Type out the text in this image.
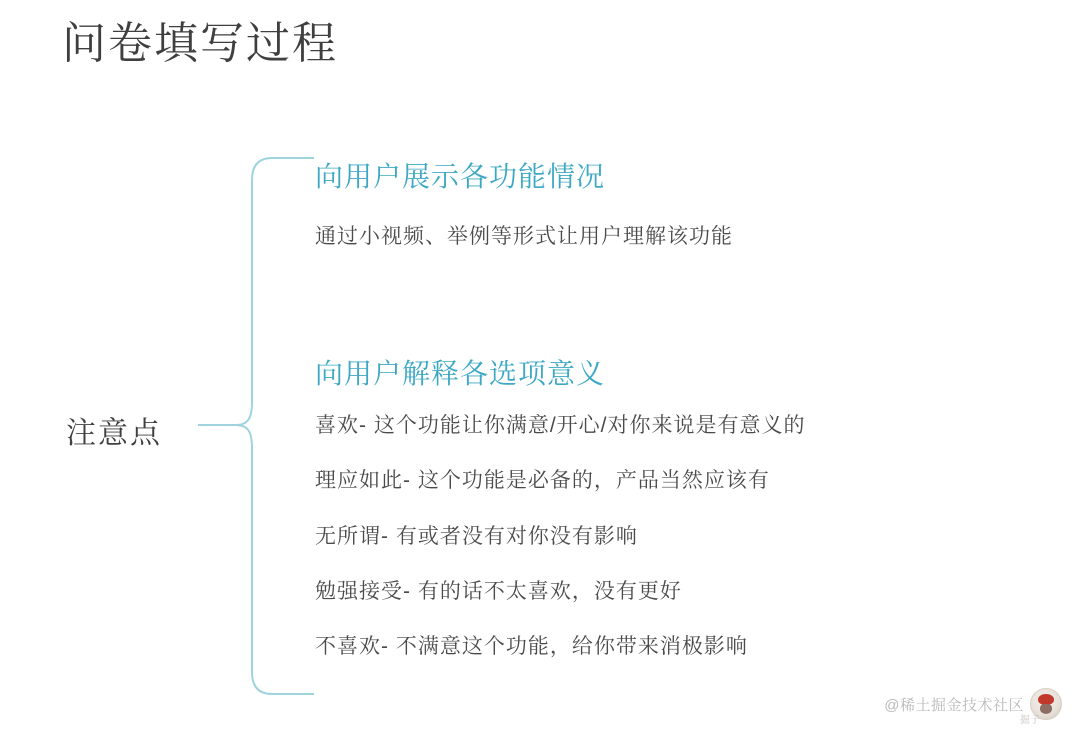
问卷填写过程
注意点
向用户展示各功能情况
通过小视频、举例等形式让用户理解该功能
向用户解释各选项意义
喜欢- 这个功能让你满意/开心/对你来说是有意义的
理应如此- 这个功能是必备的，产品当然应该有
无所谓- 有或者没有对你没有影响
勉强接受- 有的话不太喜欢，没有更好
不喜欢- 不满意这个功能，给你带来消极影响
@稀土掘金技术社区
掘子
